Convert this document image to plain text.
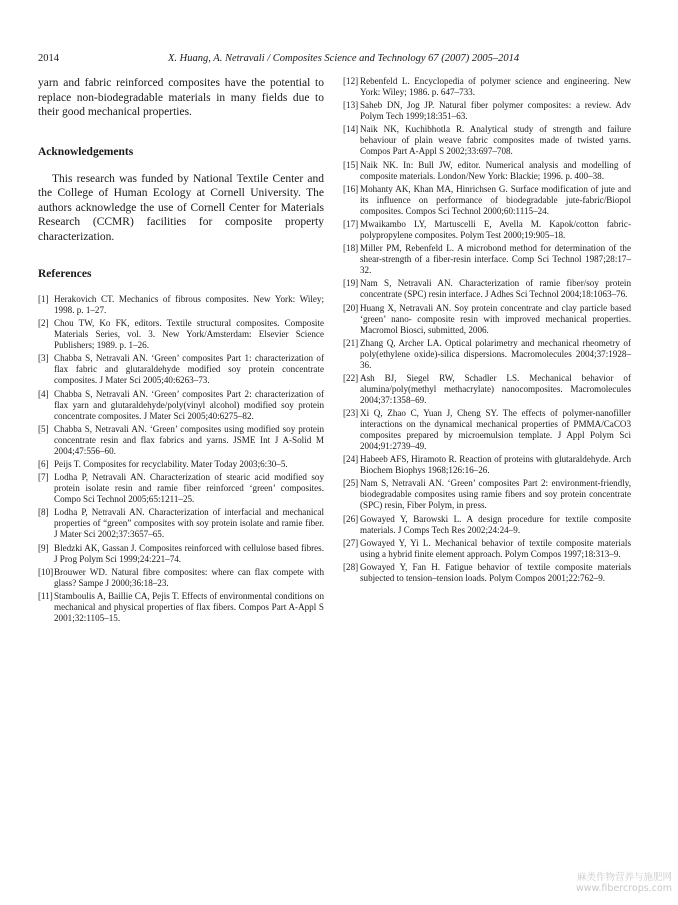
2014	X. Huang, A. Netravali / Composites Science and Technology 67 (2007) 2005–2014

yarn and fabric reinforced composites have the potential to replace non-biodegradable materials in many fields due to their good mechanical properties.

Acknowledgements

This research was funded by National Textile Center and the College of Human Ecology at Cornell University. The authors acknowledge the use of Cornell Center for Materials Research (CCMR) facilities for composite property characterization.

References
[1] Herakovich CT. Mechanics of fibrous composites. New York: Wiley; 1998. p. 1–27.
[2] Chou TW, Ko FK, editors. Textile structural composites. Composite Materials Series, vol. 3. New York/Amsterdam: Elsevier Science Publishers; 1989. p. 1–26.
[3] Chabba S, Netravali AN. ‘Green’ composites Part 1: characterization of flax fabric and glutaraldehyde modified soy protein concentrate composites. J Mater Sci 2005;40:6263–73.
[4] Chabba S, Netravali AN. ‘Green’ composites Part 2: characterization of flax yarn and glutaraldehyde/poly(vinyl alcohol) modified soy protein concentrate composites. J Mater Sci 2005;40:6275–82.
[5] Chabba S, Netravali AN. ‘Green’ composites using modified soy protein concentrate resin and flax fabrics and yarns. JSME Int J A-Solid M 2004;47:556–60.
[6] Peijs T. Composites for recyclability. Mater Today 2003;6:30–5.
[7] Lodha P, Netravali AN. Characterization of stearic acid modified soy protein isolate resin and ramie fiber reinforced ‘green’ composites. Compo Sci Technol 2005;65:1211–25.
[8] Lodha P, Netravali AN. Characterization of interfacial and mechanical properties of “green” composites with soy protein isolate and ramie fiber. J Mater Sci 2002;37:3657–65.
[9] Bledzki AK, Gassan J. Composites reinforced with cellulose based fibres. J Prog Polym Sci 1999;24:221–74.
[10] Brouwer WD. Natural fibre composites: where can flax compete with glass? Sampe J 2000;36:18–23.
[11] Stamboulis A, Baillie CA, Pejis T. Effects of environmental conditions on mechanical and physical properties of flax fibers. Compos Part A-Appl S 2001;32:1105–15.
[12] Rebenfeld L. Encyclopedia of polymer science and engineering. New York: Wiley; 1986. p. 647–733.
[13] Saheb DN, Jog JP. Natural fiber polymer composites: a review. Adv Polym Tech 1999;18:351–63.
[14] Naik NK, Kuchibhotla R. Analytical study of strength and failure behaviour of plain weave fabric composites made of twisted yarns. Compos Part A-Appl S 2002;33:697–708.
[15] Naik NK. In: Bull JW, editor. Numerical analysis and modelling of composite materials. London/New York: Blackie; 1996. p. 400–38.
[16] Mohanty AK, Khan MA, Hinrichsen G. Surface modification of jute and its influence on performance of biodegradable jute-fabric/Biopol composites. Compos Sci Technol 2000;60:1115–24.
[17] Mwaikambo LY, Martuscelli E, Avella M. Kapok/cotton fabric-polypropylene composites. Polym Test 2000;19:905–18.
[18] Miller PM, Rebenfeld L. A microbond method for determination of the shear-strength of a fiber-resin interface. Comp Sci Technol 1987;28:17–32.
[19] Nam S, Netravali AN. Characterization of ramie fiber/soy protein concentrate (SPC) resin interface. J Adhes Sci Technol 2004;18:1063–76.
[20] Huang X, Netravali AN. Soy protein concentrate and clay particle based ‘green’ nano- composite resin with improved mechanical properties. Macromol Biosci, submitted, 2006.
[21] Zhang Q, Archer LA. Optical polarimetry and mechanical rheometry of poly(ethylene oxide)-silica dispersions. Macromolecules 2004;37:1928–36.
[22] Ash BJ, Siegel RW, Schadler LS. Mechanical behavior of alumina/poly(methyl methacrylate) nanocomposites. Macromolecules 2004;37:1358–69.
[23] Xi Q, Zhao C, Yuan J, Cheng SY. The effects of polymer-nanofiller interactions on the dynamical mechanical properties of PMMA/CaCO3 composites prepared by microemulsion template. J Appl Polym Sci 2004;91:2739–49.
[24] Habeeb AFS, Hiramoto R. Reaction of proteins with glutaraldehyde. Arch Biochem Biophys 1968;126:16–26.
[25] Nam S, Netravali AN. ‘Green’ composites Part 2: environment-friendly, biodegradable composites using ramie fibers and soy protein concentrate (SPC) resin, Fiber Polym, in press.
[26] Gowayed Y, Barowski L. A design procedure for textile composite materials. J Comps Tech Res 2002;24:24–9.
[27] Gowayed Y, Yi L. Mechanical behavior of textile composite materials using a hybrid finite element approach. Polym Compos 1997;18:313–9.
[28] Gowayed Y, Fan H. Fatigue behavior of textile composite materials subjected to tension–tension loads. Polym Compos 2001;22:762–9.
麻类作物营养与施肥网
www.fibercrops.com
